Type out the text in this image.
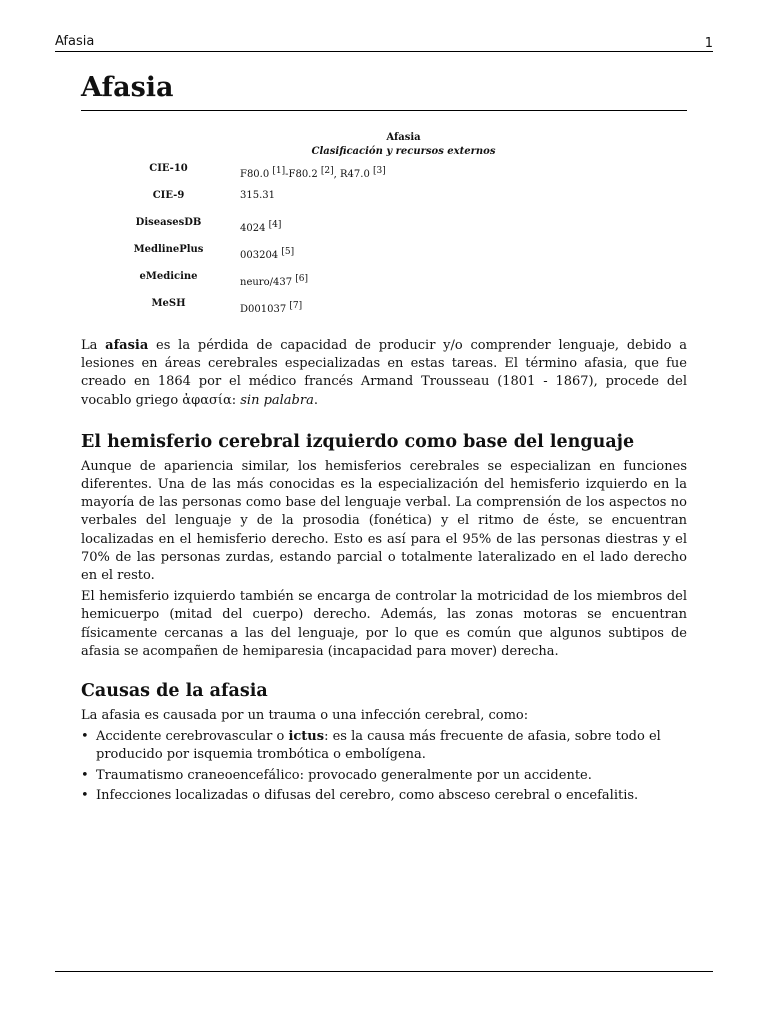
Afasia	1
Afasia
Afasia
Clasificación y recursos externos
CIE-10
F80.0 [1]-F80.2 [2], R47.0 [3]
CIE-9	315.31
DiseasesDB
4024 [4]
MedlinePlus
003204 [5]
eMedicine
neuro/437 [6]
MeSH
D001037 [7]

La afasia es la pérdida de capacidad de producir y/o comprender lenguaje, debido a lesiones en áreas cerebrales especializadas en estas tareas. El término afasia, que fue creado en 1864 por el médico francés Armand Trousseau (1801 - 1867), procede del vocablo griego ἀφασία: sin palabra.

El hemisferio cerebral izquierdo como base del lenguaje

Aunque de apariencia similar, los hemisferios cerebrales se especializan en funciones diferentes. Una de las más conocidas es la especialización del hemisferio izquierdo en la mayoría de las personas como base del lenguaje verbal. La comprensión de los aspectos no verbales del lenguaje y de la prosodia (fonética) y el ritmo de éste, se encuentran localizadas en el hemisferio derecho. Esto es así para el 95% de las personas diestras y el 70% de las personas zurdas, estando parcial o totalmente lateralizado en el lado derecho en el resto.

El hemisferio izquierdo también se encarga de controlar la motricidad de los miembros del hemicuerpo (mitad del cuerpo) derecho. Además, las zonas motoras se encuentran físicamente cercanas a las del lenguaje, por lo que es común que algunos subtipos de afasia se acompañen de hemiparesia (incapacidad para mover) derecha.

Causas de la afasia

La afasia es causada por un trauma o una infección cerebral, como:

• Accidente cerebrovascular o ictus: es la causa más frecuente de afasia, sobre todo el producido por isquemia trombótica o embolígena.
• Traumatismo craneoencefálico: provocado generalmente por un accidente.
• Infecciones localizadas o difusas del cerebro, como absceso cerebral o encefalitis.
